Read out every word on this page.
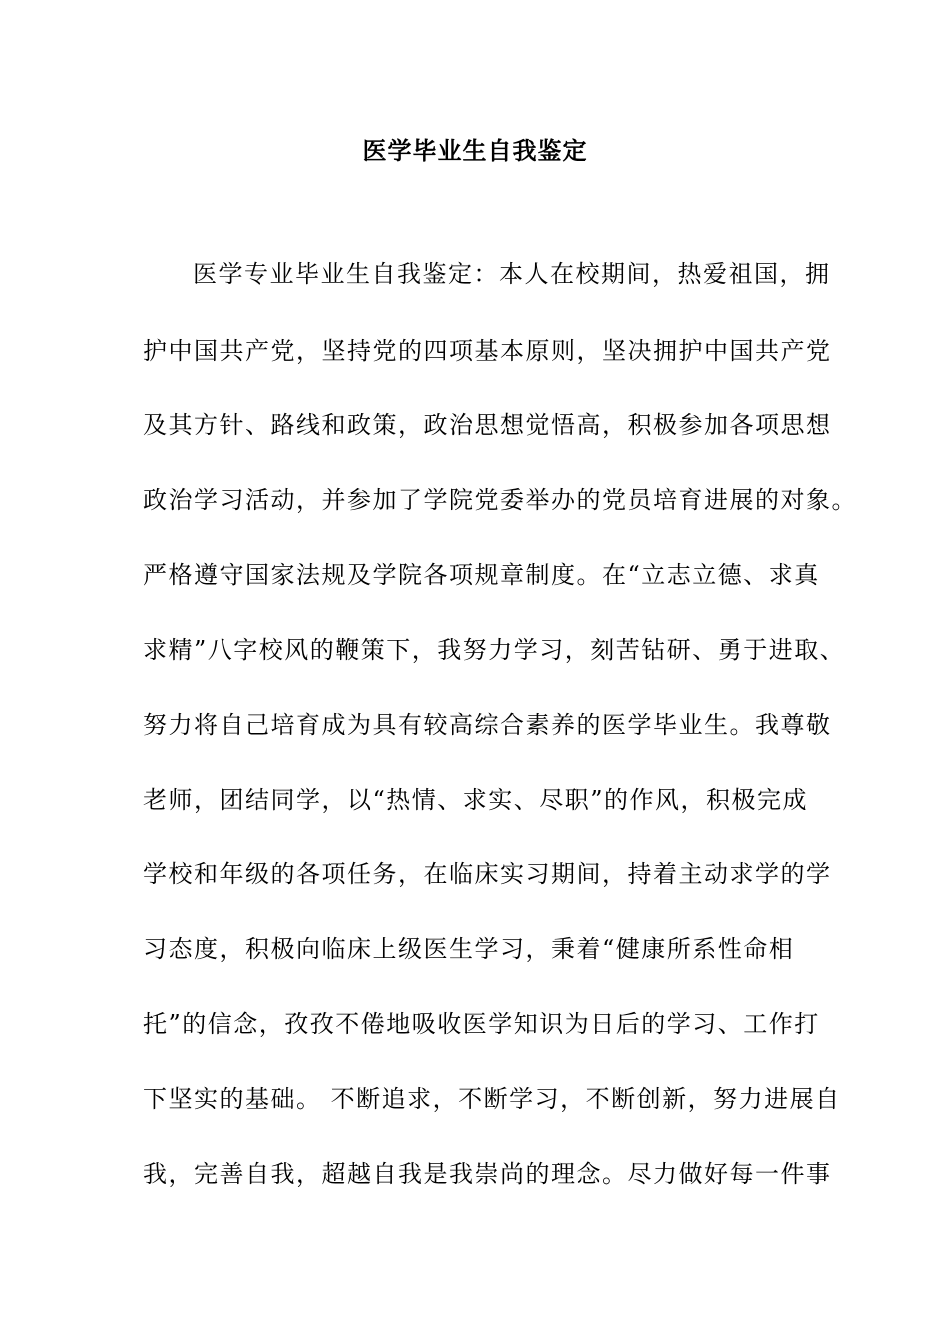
医学毕业生自我鉴定
医学专业毕业生自我鉴定：本人在校期间，热爱祖国，拥
护中国共产党，坚持党的四项基本原则，坚决拥护中国共产党
及其方针、路线和政策，政治思想觉悟高，积极参加各项思想
政治学习活动，并参加了学院党委举办的党员培育进展的对象。
严格遵守国家法规及学院各项规章制度。在“立志立德、求真
求精”八字校风的鞭策下，我努力学习，刻苦钻研、勇于进取、
努力将自己培育成为具有较高综合素养的医学毕业生。我尊敬
老师，团结同学，以“热情、求实、尽职”的作风，积极完成
学校和年级的各项任务，在临床实习期间，持着主动求学的学
习态度，积极向临床上级医生学习，秉着“健康所系性命相
托”的信念，孜孜不倦地吸收医学知识为日后的学习、工作打
下坚实的基础。 不断追求，不断学习，不断创新，努力进展自
我，完善自我，超越自我是我崇尚的理念。尽力做好每一件事
